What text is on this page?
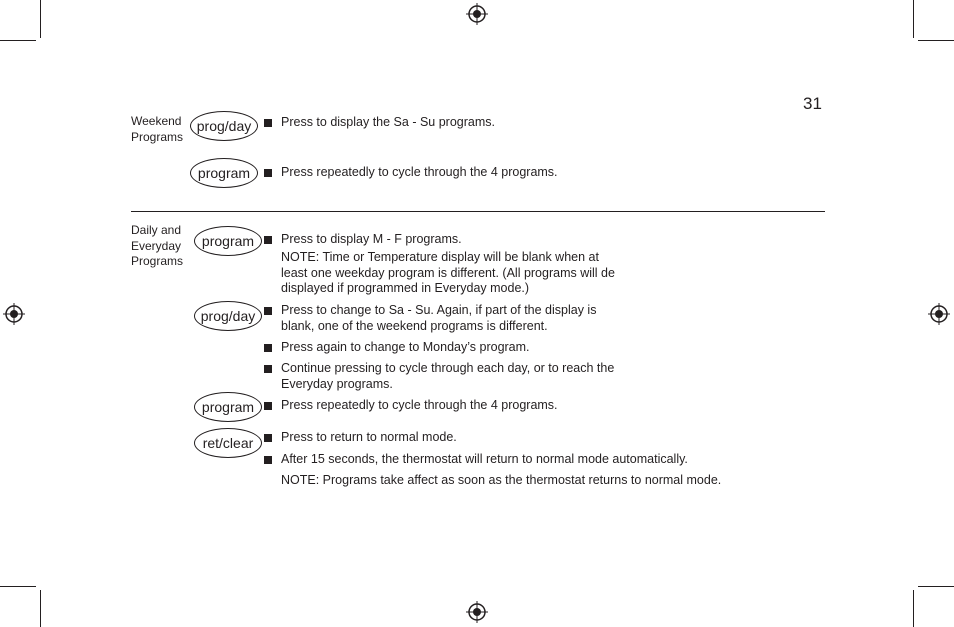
31
Weekend
Programs
prog/day	Press to display the Sa - Su programs.
program	Press repeatedly to cycle through the 4 programs.
Daily and
Everyday
Programs
program	Press to display M - F programs.
NOTE: Time or Temperature display will be blank when at
least one weekday program is different. (All programs will de
displayed if programmed in Everyday mode.)
prog/day	Press to change to Sa - Su. Again, if part of the display is
blank, one of the weekend programs is different.
Press again to change to Monday’s program.
Continue pressing to cycle through each day, or to reach the
Everyday programs.
program	Press repeatedly to cycle through the 4 programs.
ret/clear	Press to return to normal mode.
After 15 seconds, the thermostat will return to normal mode automatically.
NOTE: Programs take affect as soon as the thermostat returns to normal mode.
